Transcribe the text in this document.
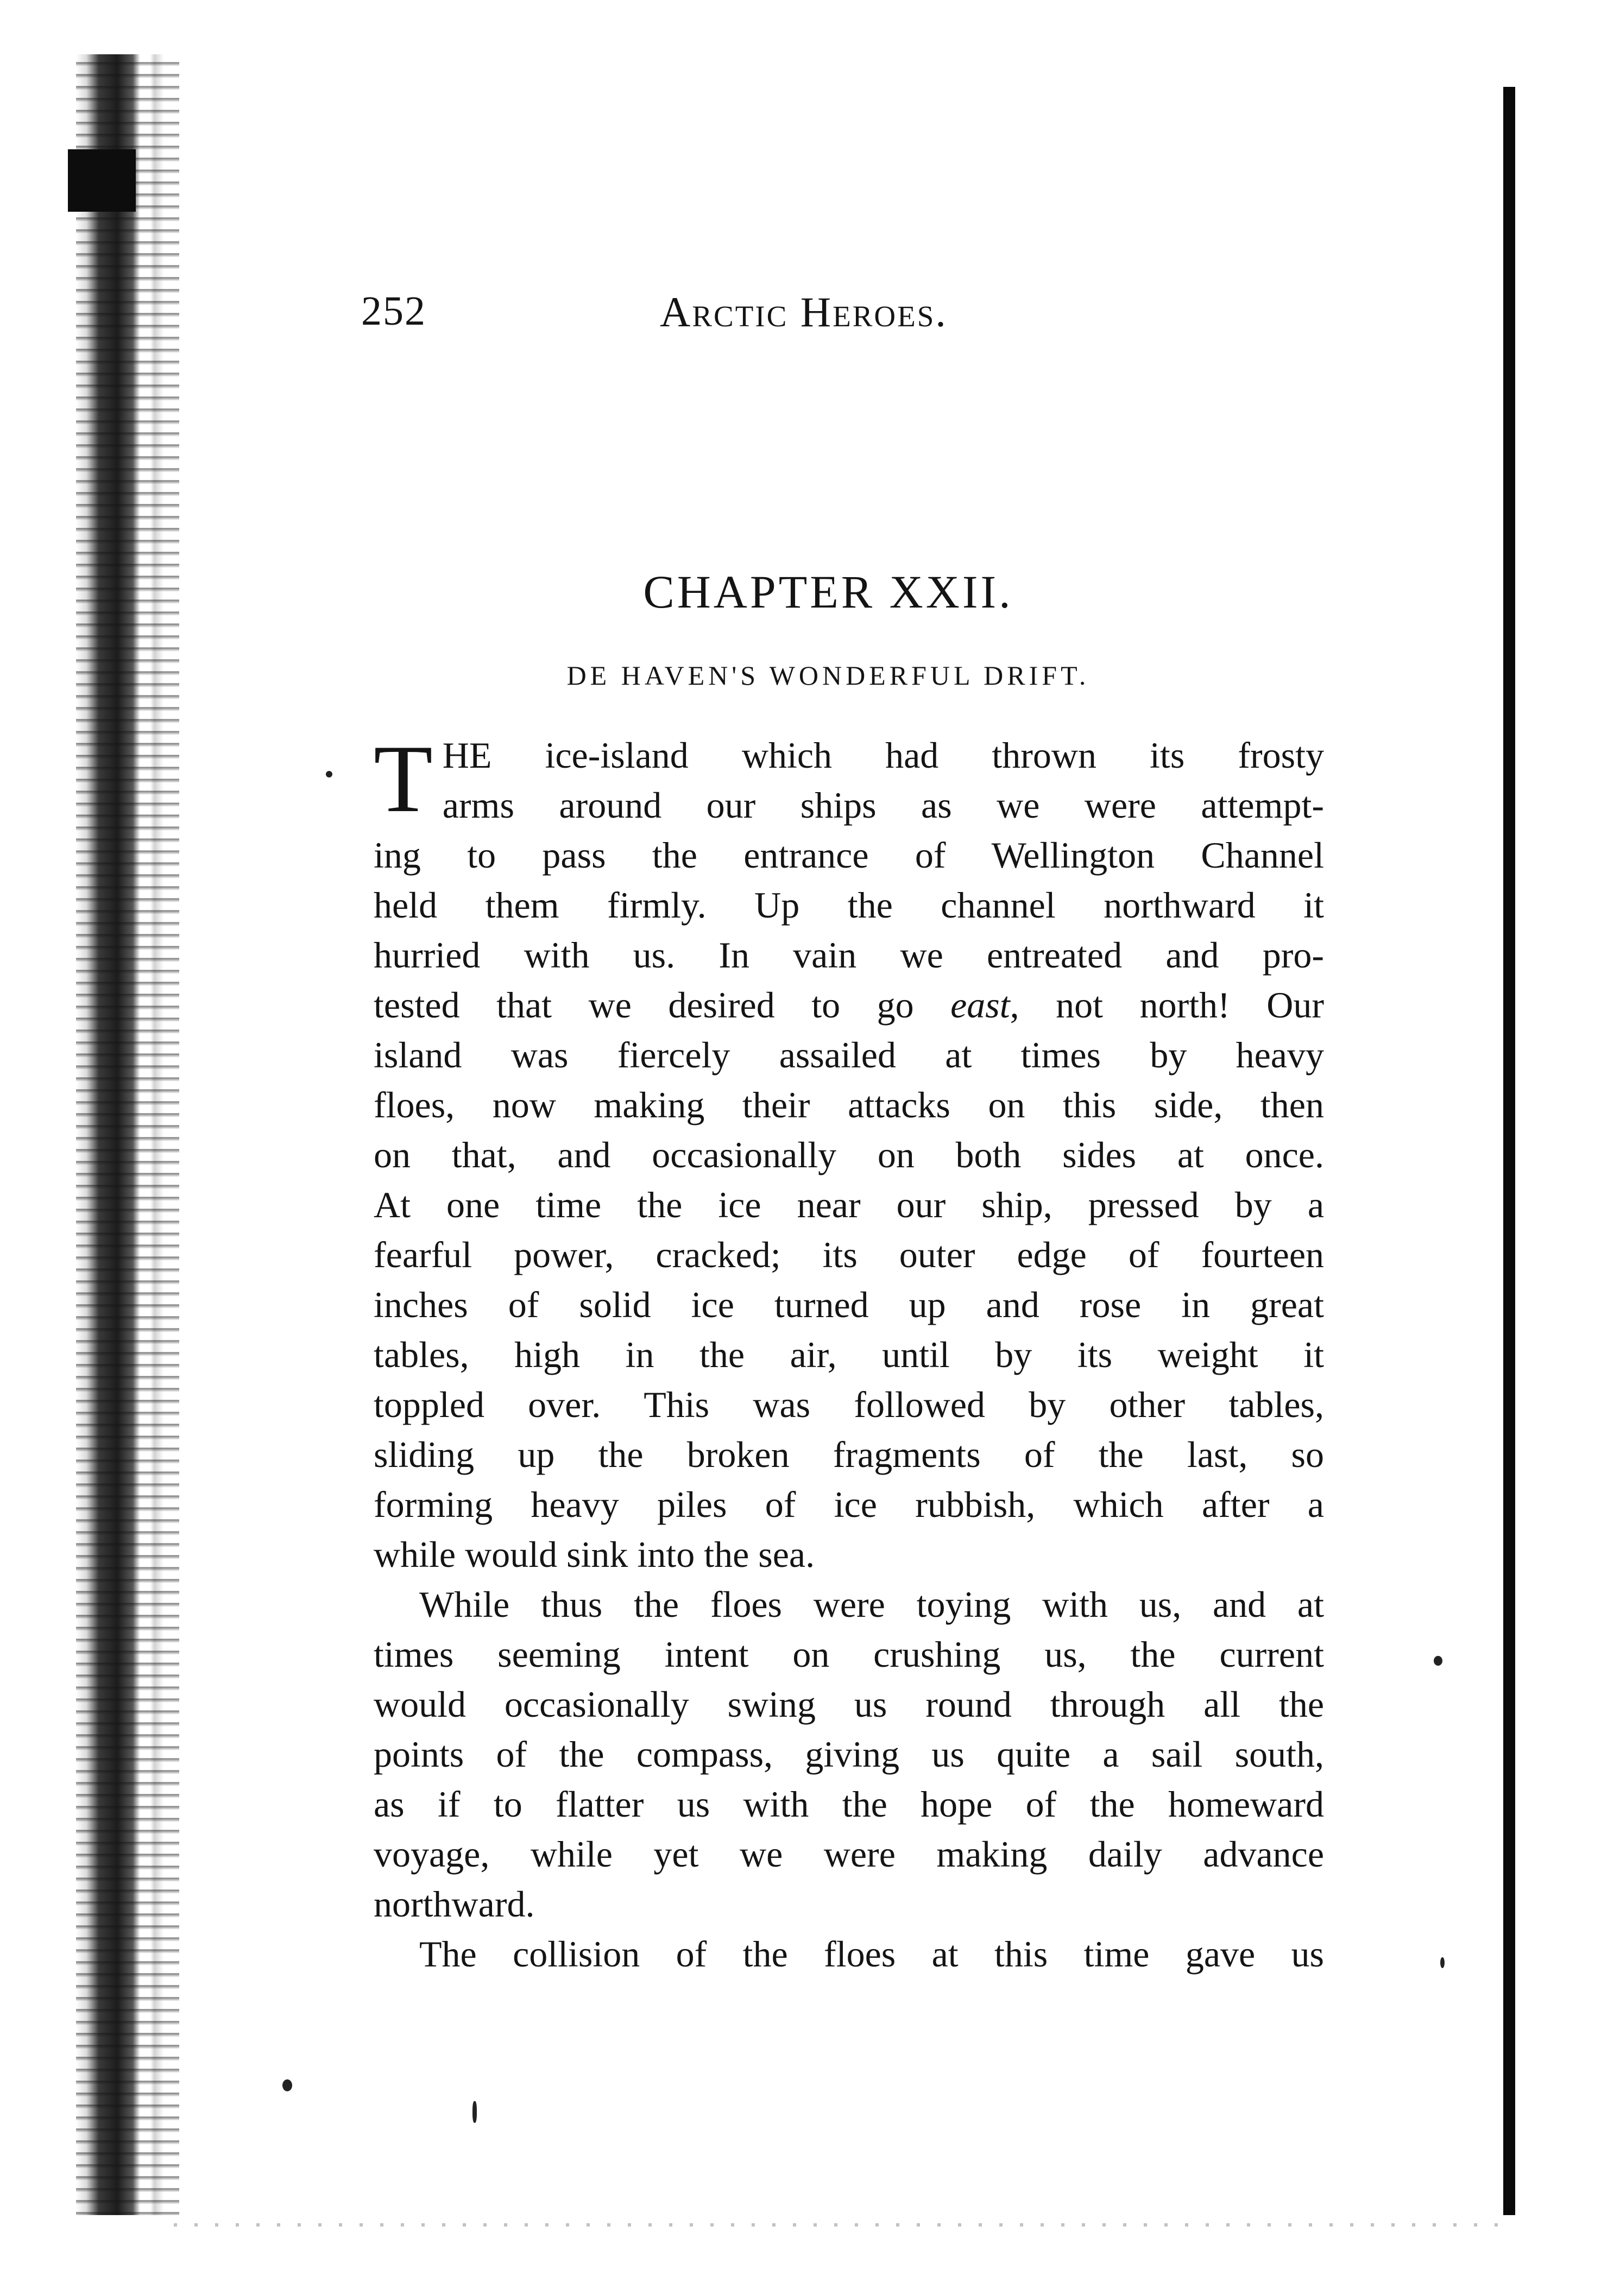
252	Arctic Heroes.
CHAPTER XXII.
DE HAVEN'S WONDERFUL DRIFT.
T HE ice-island which had thrown its frosty

arms around our ships as we were attempt-

ing to pass the entrance of Wellington Channel

held them firmly. Up the channel northward it

hurried with us. In vain we entreated and pro-

tested that we desired to go east, not north! Our

island was fiercely assailed at times by heavy

floes, now making their attacks on this side, then

on that, and occasionally on both sides at once.

At one time the ice near our ship, pressed by a

fearful power, cracked; its outer edge of fourteen

inches of solid ice turned up and rose in great

tables, high in the air, until by its weight it

toppled over. This was followed by other tables,

sliding up the broken fragments of the last, so

forming heavy piles of ice rubbish, which after a

while would sink into the sea.

While thus the floes were toying with us, and at

times seeming intent on crushing us, the current

would occasionally swing us round through all the

points of the compass, giving us quite a sail south,

as if to flatter us with the hope of the homeward

voyage, while yet we were making daily advance

northward.

The collision of the floes at this time gave us
